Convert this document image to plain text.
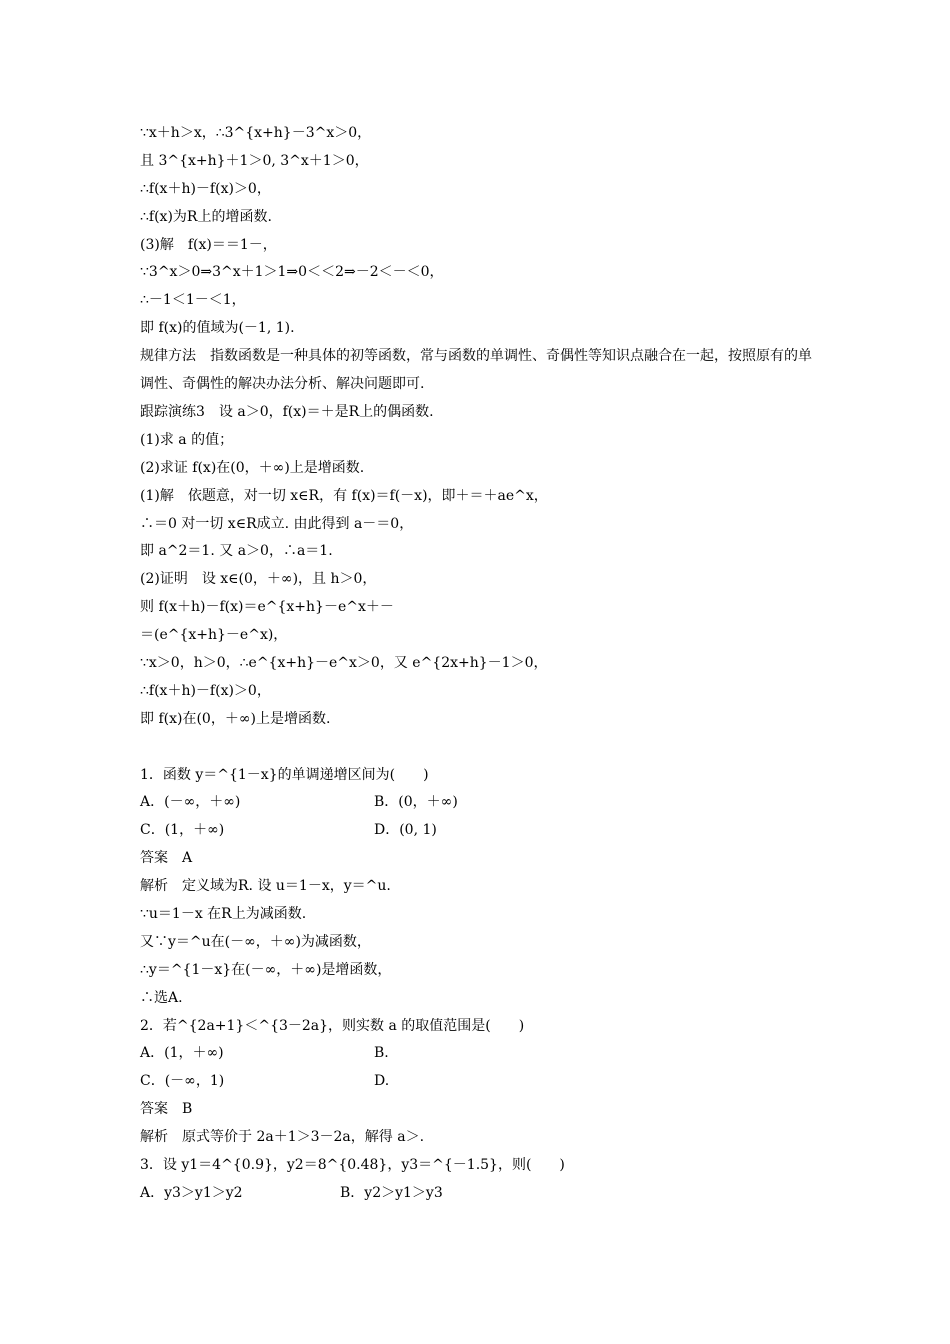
∵x＋h＞x，∴3^{x+h}－3^x＞0，
且 3^{x+h}＋1＞0, 3^x＋1＞0，
∴f(x＋h)－f(x)＞0，
∴f(x)为R上的增函数.
(3)解　f(x)＝＝1－，
∵3^x＞0⇒3^x＋1＞1⇒0＜＜2⇒－2＜－＜0，
∴－1＜1－＜1，
即 f(x)的值域为(－1, 1).
规律方法　指数函数是一种具体的初等函数，常与函数的单调性、奇偶性等知识点融合在一起，按照原有的单调性、奇偶性的解决办法分析、解决问题即可.
跟踪演练3　设 a＞0，f(x)＝＋是R上的偶函数.
(1)求 a 的值；
(2)求证 f(x)在(0，＋∞)上是增函数.
(1)解　依题意，对一切 x∈R，有 f(x)＝f(－x)，即＋＝＋ae^x，
∴＝0 对一切 x∈R成立. 由此得到 a－＝0，
即 a^2＝1. 又 a＞0，∴a＝1.
(2)证明　设 x∈(0，＋∞)，且 h＞0，
则 f(x＋h)－f(x)＝e^{x+h}－e^x＋－
＝(e^{x+h}－e^x)，
∵x＞0，h＞0，∴e^{x+h}－e^x＞0，又 e^{2x+h}－1＞0，
∴f(x＋h)－f(x)＞0，
即 f(x)在(0，＋∞)上是增函数.
1．函数 y＝^{1－x}的单调递增区间为(　　)
A．(－∞，＋∞)	B．(0，＋∞)
C．(1，＋∞)	D．(0, 1)
答案　A
解析　定义域为R. 设 u＝1－x，y＝^u.
∵u＝1－x 在R上为减函数.
又∵y＝^u在(－∞，＋∞)为减函数，
∴y＝^{1－x}在(－∞，＋∞)是增函数，
∴选A.
2．若^{2a+1}＜^{3－2a}，则实数 a 的取值范围是(　　)
A．(1，＋∞)	B.
C．(－∞，1)	D.
答案　B
解析　原式等价于 2a＋1＞3－2a，解得 a＞.
3．设 y1＝4^{0.9}，y2＝8^{0.48}，y3＝^{－1.5}，则(　　)
A．y3＞y1＞y2	B．y2＞y1＞y3
